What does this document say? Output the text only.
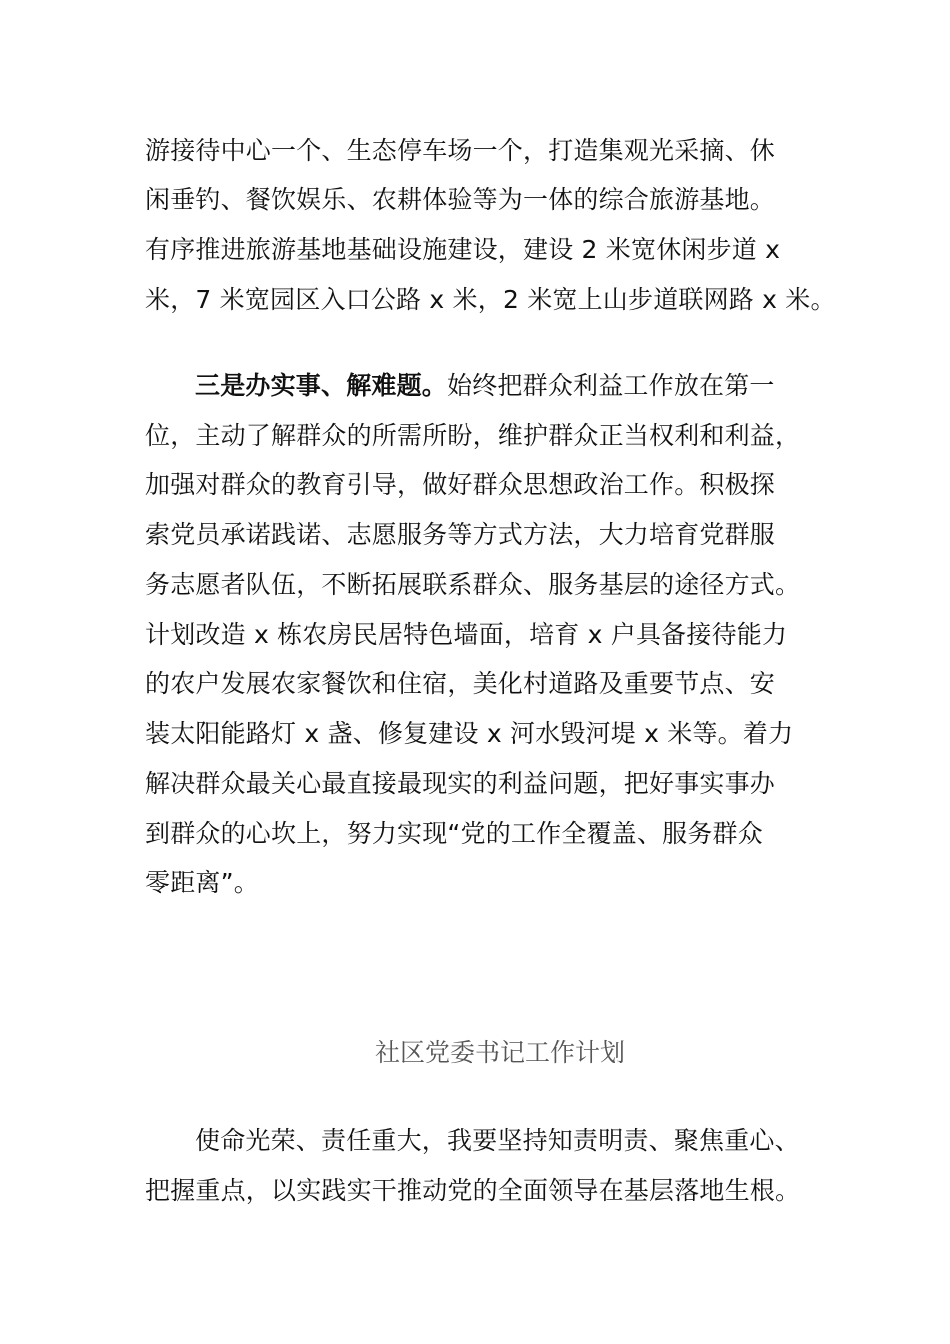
游接待中心一个、生态停车场一个，打造集观光采摘、休
闲垂钓、餐饮娱乐、农耕体验等为一体的综合旅游基地。
有序推进旅游基地基础设施建设，建设 2 米宽休闲步道 x
米，7 米宽园区入口公路 x 米，2 米宽上山步道联网路 x 米。
三是办实事、解难题。始终把群众利益工作放在第一
位，主动了解群众的所需所盼，维护群众正当权利和利益，
加强对群众的教育引导，做好群众思想政治工作。积极探
索党员承诺践诺、志愿服务等方式方法，大力培育党群服
务志愿者队伍，不断拓展联系群众、服务基层的途径方式。
计划改造 x 栋农房民居特色墙面，培育 x 户具备接待能力
的农户发展农家餐饮和住宿，美化村道路及重要节点、安
装太阳能路灯 x 盏、修复建设 x 河水毁河堤 x 米等。着力
解决群众最关心最直接最现实的利益问题，把好事实事办
到群众的心坎上，努力实现“党的工作全覆盖、服务群众
零距离”。
社区党委书记工作计划
使命光荣、责任重大，我要坚持知责明责、聚焦重心、
把握重点，以实践实干推动党的全面领导在基层落地生根。
